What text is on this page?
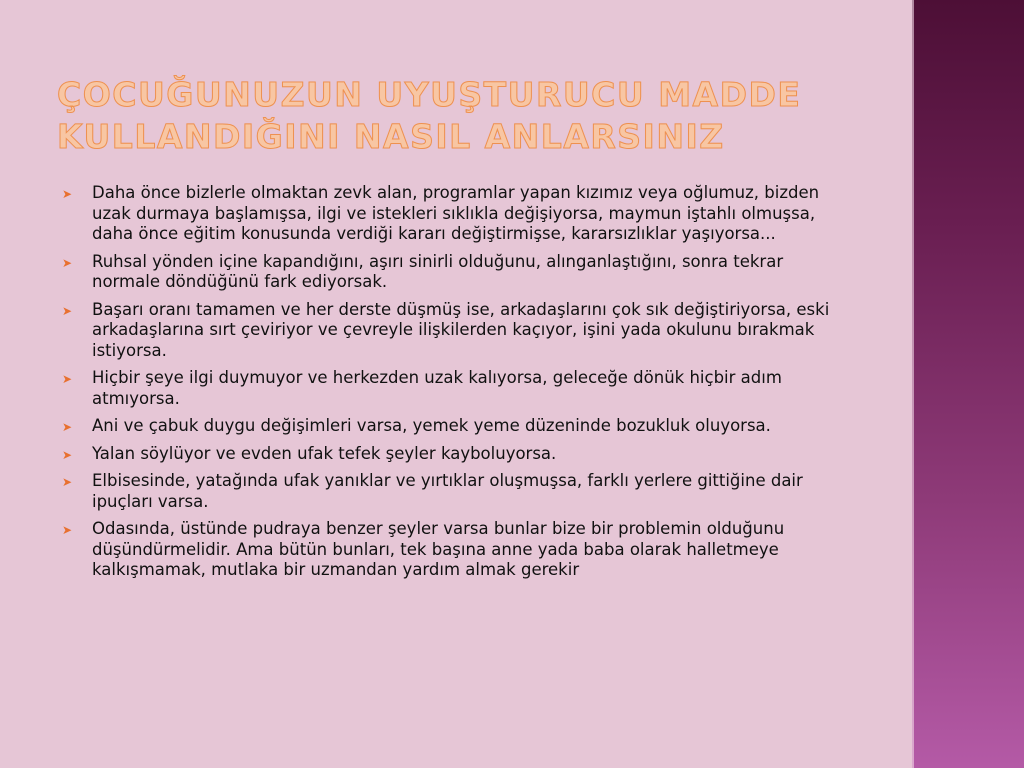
ÇOCUĞUNUZUN UYUŞTURUCU MADDE
KULLANDIĞINI NASIL ANLARSINIZ
➤ Daha önce bizlerle olmaktan zevk alan, programlar yapan kızımız veya oğlumuz, bizden uzak durmaya başlamışsa, ilgi ve istekleri sıklıkla değişiyorsa, maymun iştahlı olmuşsa, daha önce eğitim konusunda verdiği kararı değiştirmişse, kararsızlıklar yaşıyorsa...
➤ Ruhsal yönden içine kapandığını, aşırı sinirli olduğunu, alınganlaştığını, sonra tekrar normale döndüğünü fark ediyorsak.
➤ Başarı oranı tamamen ve her derste düşmüş ise, arkadaşlarını çok sık değiştiriyorsa, eski arkadaşlarına sırt çeviriyor ve çevreyle ilişkilerden kaçıyor, işini yada okulunu bırakmak istiyorsa.
➤ Hiçbir şeye ilgi duymuyor ve herkezden uzak kalıyorsa, geleceğe dönük hiçbir adım atmıyorsa.
➤ Ani ve çabuk duygu değişimleri varsa, yemek yeme düzeninde bozukluk oluyorsa.
➤ Yalan söylüyor ve evden ufak tefek şeyler kayboluyorsa.
➤ Elbisesinde, yatağında ufak yanıklar ve yırtıklar oluşmuşsa, farklı yerlere gittiğine dair ipuçları varsa.
➤ Odasında, üstünde pudraya benzer şeyler varsa bunlar bize bir problemin olduğunu düşündürmelidir. Ama bütün bunları, tek başına anne yada baba olarak halletmeye kalkışmamak, mutlaka bir uzmandan yardım almak gerekir
